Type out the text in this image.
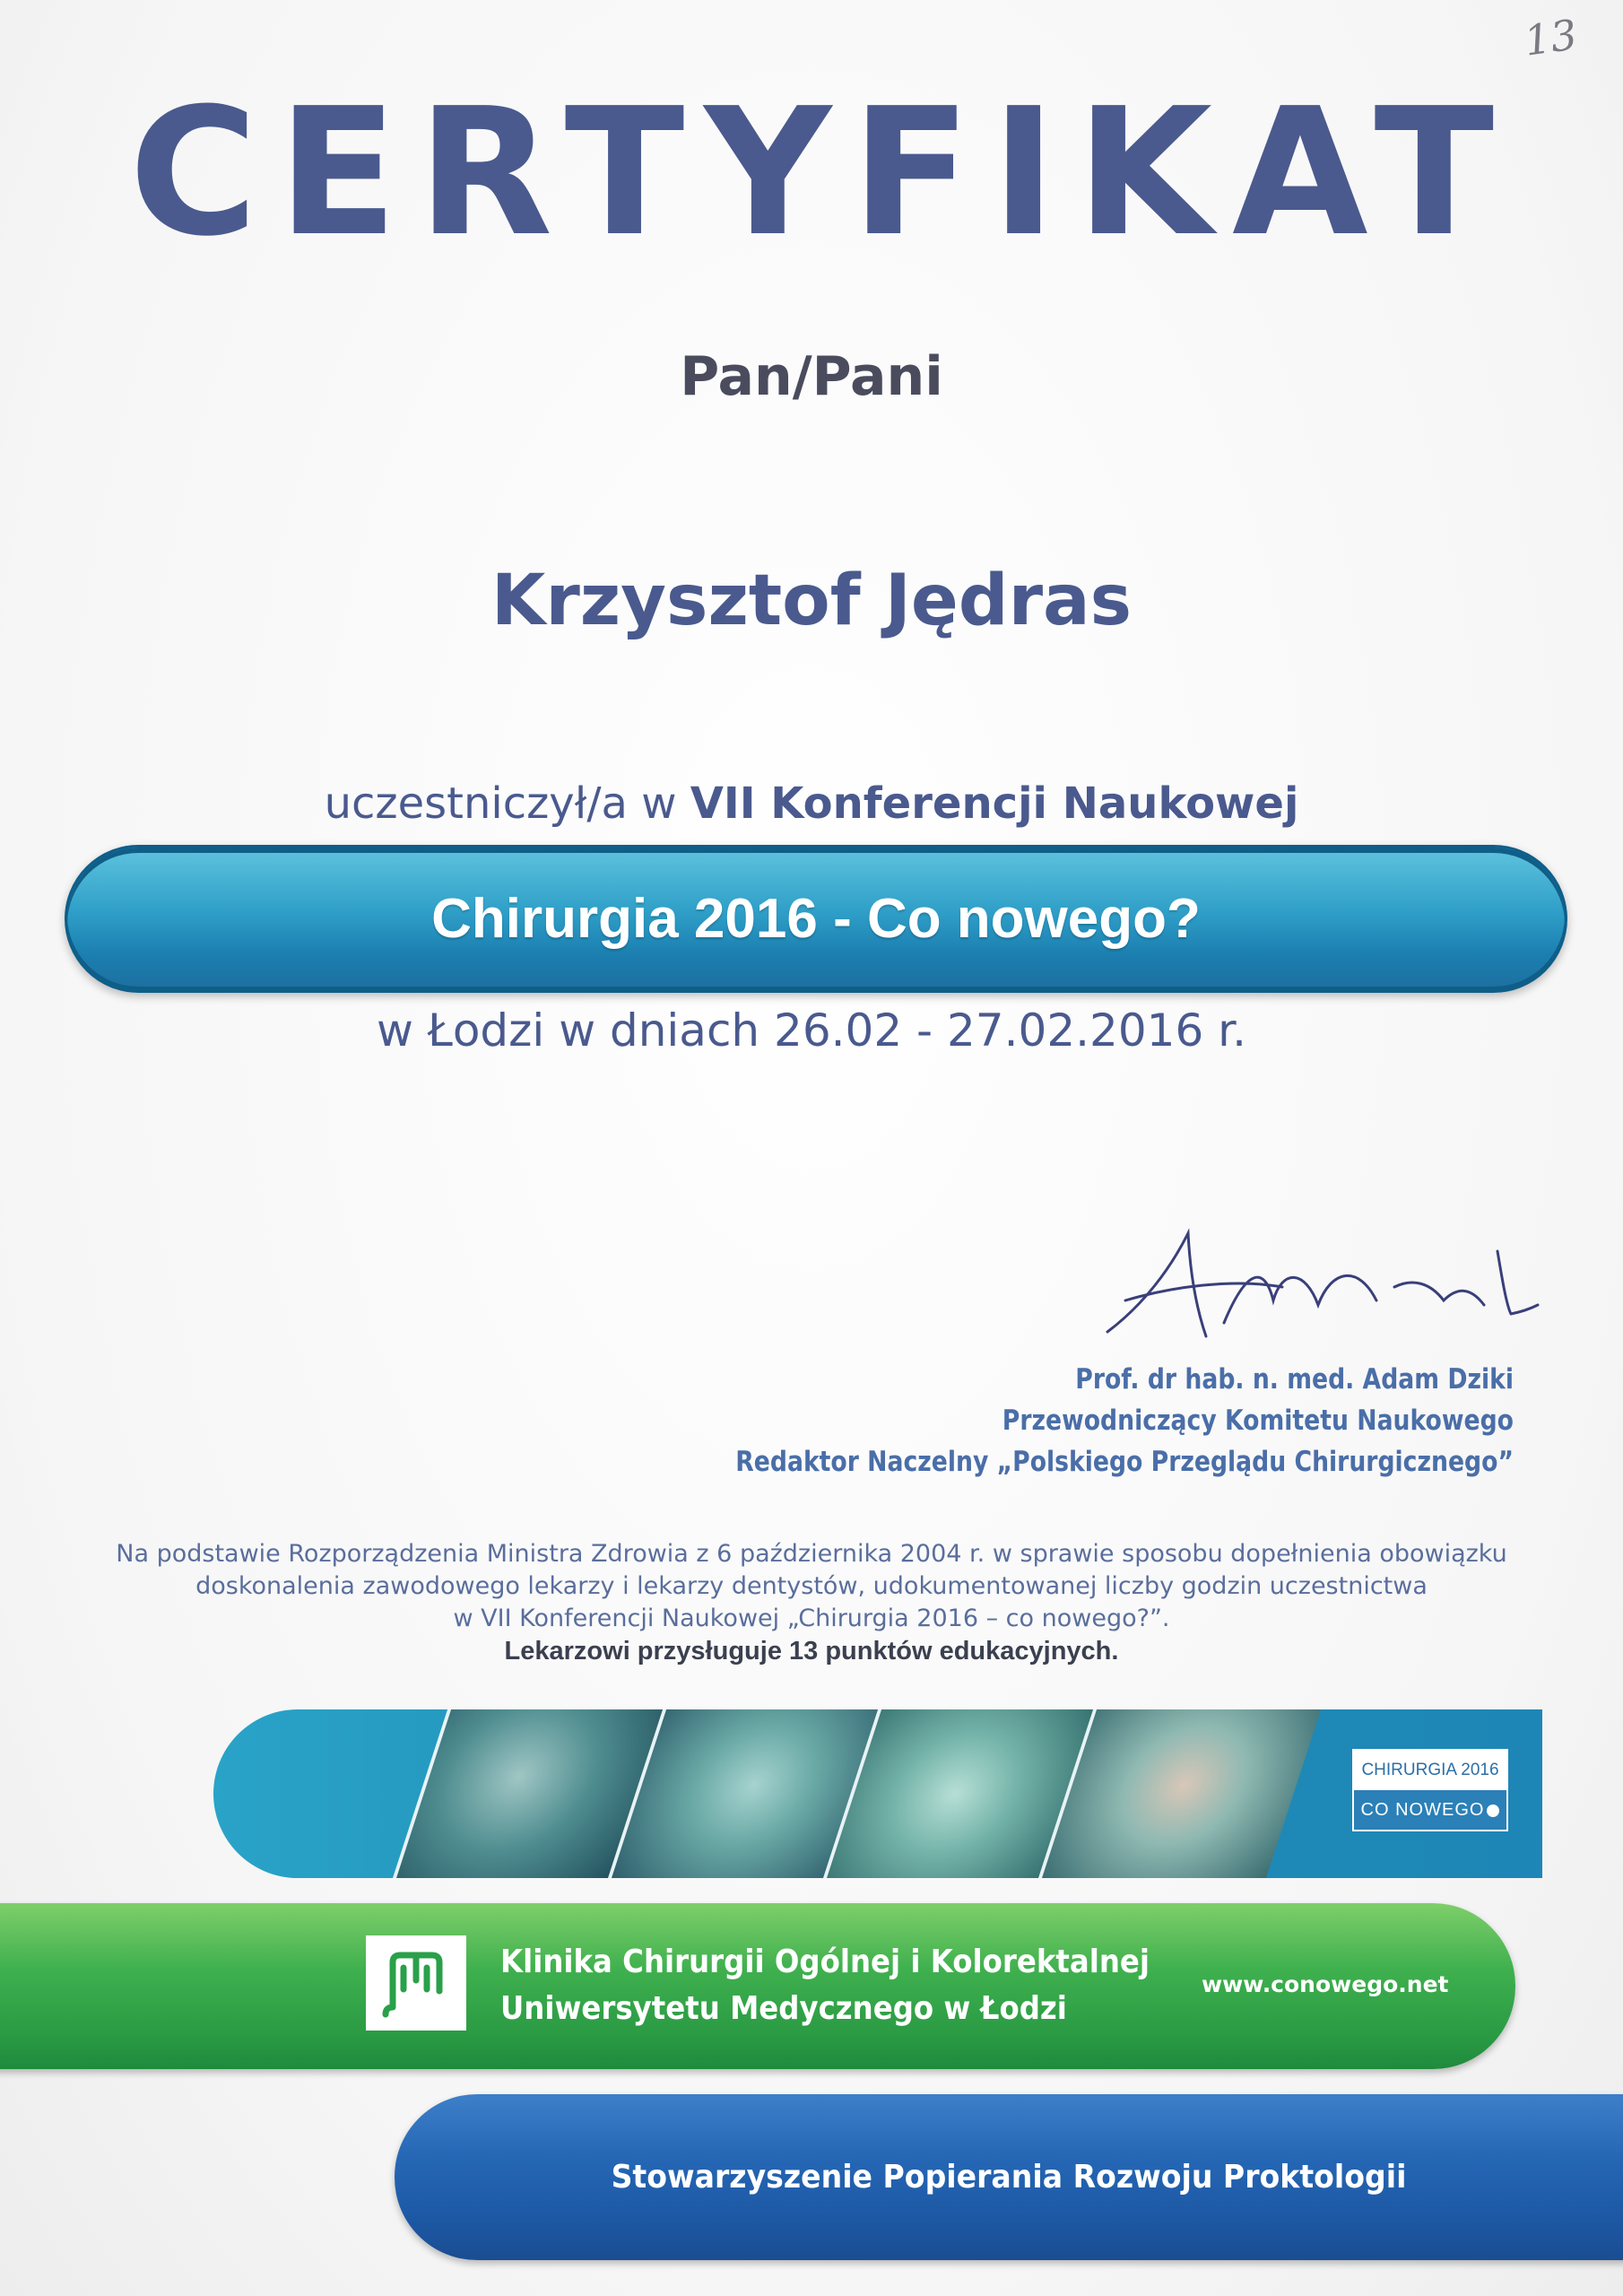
13
CERTYFIKAT
Pan/Pani
Krzysztof Jędras
uczestniczył/a w VII Konferencji Naukowej
Chirurgia 2016 - Co nowego?
w Łodzi w dniach 26.02 - 27.02.2016 r.
Prof. dr hab. n. med. Adam Dziki
Przewodniczący Komitetu Naukowego
Redaktor Naczelny „Polskiego Przeglądu Chirurgicznego”
Na podstawie Rozporządzenia Ministra Zdrowia z 6 października 2004 r. w sprawie sposobu dopełnienia obowiązku
doskonalenia zawodowego lekarzy i lekarzy dentystów, udokumentowanej liczby godzin uczestnictwa
w VII Konferencji Naukowej „Chirurgia 2016 – co nowego?”.
Lekarzowi przysługuje 13 punktów edukacyjnych.
CHIRURGIA 2016
CO NOWEGO
Klinika Chirurgii Ogólnej i Kolorektalnej
Uniwersytetu Medycznego w Łodzi
www.conowego.net
Stowarzyszenie Popierania Rozwoju Proktologii
